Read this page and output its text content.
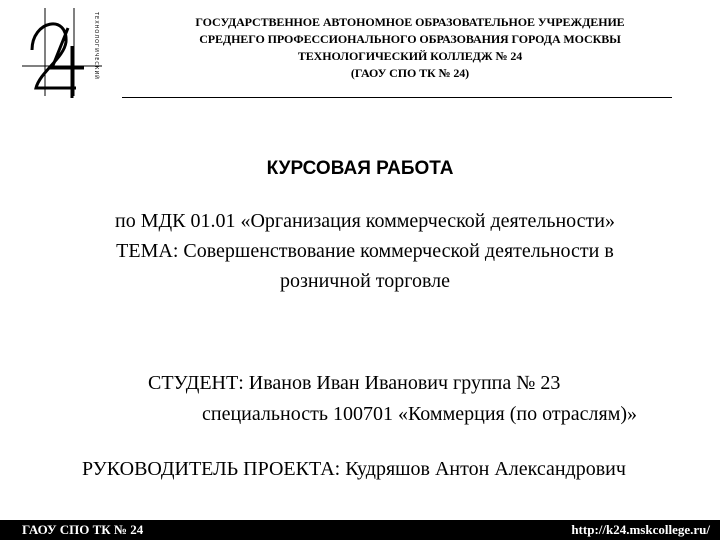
ТЕХНОЛОГИЧЕСКИЙ	ГОСУДАРСТВЕННОЕ АВТОНОМНОЕ ОБРАЗОВАТЕЛЬНОЕ УЧРЕЖДЕНИЕ
СРЕДНЕГО ПРОФЕССИОНАЛЬНОГО ОБРАЗОВАНИЯ ГОРОДА МОСКВЫ
ТЕХНОЛОГИЧЕСКИЙ КОЛЛЕДЖ № 24
(ГАОУ СПО ТК № 24)
КУРСОВАЯ РАБОТА
по МДК 01.01 «Организация коммерческой деятельности»
ТЕМА: Совершенствование коммерческой деятельности в
розничной торговле
СТУДЕНТ: Иванов Иван Иванович группа № 23
специальность 100701 «Коммерция (по отраслям)»
РУКОВОДИТЕЛЬ ПРОЕКТА: Кудряшов Антон Александрович
ГАОУ СПО ТК № 24	http://k24.mskcollege.ru/
